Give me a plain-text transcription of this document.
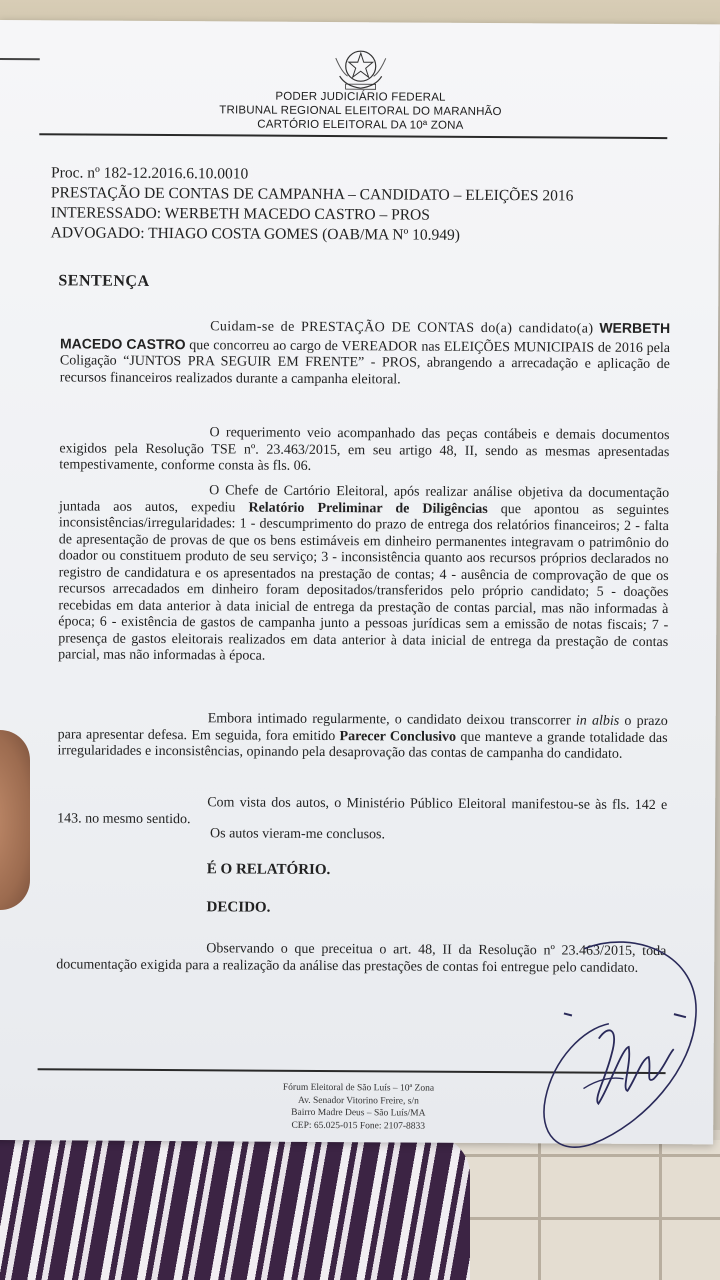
PODER JUDICIÁRIO FEDERAL
TRIBUNAL REGIONAL ELEITORAL DO MARANHÃO
CARTÓRIO ELEITORAL DA 10ª ZONA
Proc. nº 182-12.2016.6.10.0010
PRESTAÇÃO DE CONTAS DE CAMPANHA – CANDIDATO – ELEIÇÕES 2016
INTERESSADO: WERBETH MACEDO CASTRO – PROS
ADVOGADO: THIAGO COSTA GOMES (OAB/MA Nº 10.949)
SENTENÇA
Cuidam-se de PRESTAÇÃO DE CONTAS do(a) candidato(a) WERBETH MACEDO CASTRO que concorreu ao cargo de VEREADOR nas ELEIÇÕES MUNICIPAIS de 2016 pela Coligação “JUNTOS PRA SEGUIR EM FRENTE” - PROS, abrangendo a arrecadação e aplicação de recursos financeiros realizados durante a campanha eleitoral.
O requerimento veio acompanhado das peças contábeis e demais documentos exigidos pela Resolução TSE nº. 23.463/2015, em seu artigo 48, II, sendo as mesmas apresentadas tempestivamente, conforme consta às fls. 06.
O Chefe de Cartório Eleitoral, após realizar análise objetiva da documentação juntada aos autos, expediu Relatório Preliminar de Diligências que apontou as seguintes inconsistências/irregularidades: 1 - descumprimento do prazo de entrega dos relatórios financeiros; 2 - falta de apresentação de provas de que os bens estimáveis em dinheiro permanentes integravam o patrimônio do doador ou constituem produto de seu serviço; 3 - inconsistência quanto aos recursos próprios declarados no registro de candidatura e os apresentados na prestação de contas; 4 - ausência de comprovação de que os recursos arrecadados em dinheiro foram depositados/transferidos pelo próprio candidato; 5 - doações recebidas em data anterior à data inicial de entrega da prestação de contas parcial, mas não informadas à época; 6 - existência de gastos de campanha junto a pessoas jurídicas sem a emissão de notas fiscais; 7 - presença de gastos eleitorais realizados em data anterior à data inicial de entrega da prestação de contas parcial, mas não informadas à época.
Embora intimado regularmente, o candidato deixou transcorrer in albis o prazo para apresentar defesa. Em seguida, fora emitido Parecer Conclusivo que manteve a grande totalidade das irregularidades e inconsistências, opinando pela desaprovação das contas de campanha do candidato.
Com vista dos autos, o Ministério Público Eleitoral manifestou-se às fls. 142 e 143. no mesmo sentido.
Os autos vieram-me conclusos.
É O RELATÓRIO.
DECIDO.
Observando o que preceitua o art. 48, II da Resolução nº 23.463/2015, toda documentação exigida para a realização da análise das prestações de contas foi entregue pelo candidato.
Fórum Eleitoral de São Luís – 10ª Zona
Av. Senador Vitorino Freire, s/n
Bairro Madre Deus – São Luís/MA
CEP: 65.025-015 Fone: 2107-8833
